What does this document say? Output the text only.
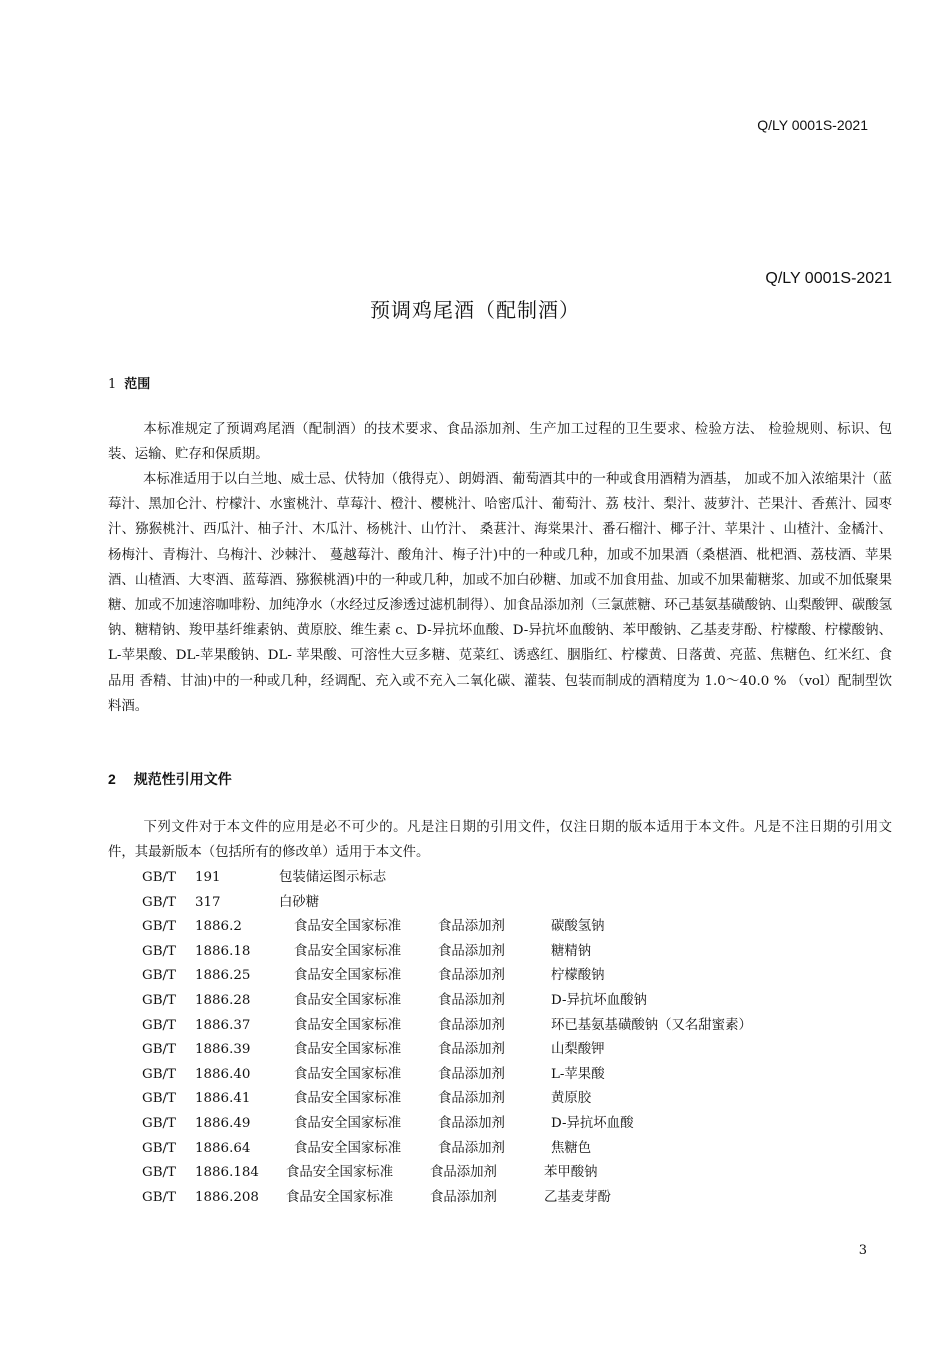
Q/LY 0001S-2021
Q/LY 0001S-2021
预调鸡尾酒（配制酒）
1 范围

本标准规定了预调鸡尾酒（配制酒）的技术要求、食品添加剂、生产加工过程的卫生要求、检验方法、 检验规则、标识、包装、运输、贮存和保质期。

本标准适用于以白兰地、威士忌、伏特加（俄得克）、朗姆酒、葡萄酒其中的一种或食用酒精为酒基， 加或不加入浓缩果汁（蓝莓汁、黑加仑汁、柠檬汁、水蜜桃汁、草莓汁、橙汁、樱桃汁、哈密瓜汁、葡萄汁、荔 枝汁、梨汁、菠萝汁、芒果汁、香蕉汁、园枣汁、猕猴桃汁、西瓜汁、柚子汁、木瓜汁、杨桃汁、山竹汁、 桑葚汁、海棠果汁、番石榴汁、椰子汁、苹果汁 、山楂汁、金橘汁、杨梅汁、青梅汁、乌梅汁、沙棘汁、 蔓越莓汁、酸角汁、梅子汁)中的一种或几种，加或不加果酒（桑椹酒、枇杷酒、荔枝酒、苹果酒、山楂酒、大枣酒、蓝莓酒、猕猴桃酒)中的一种或几种，加或不加白砂糖、加或不加食用盐、加或不加果葡糖浆、加或不加低聚果糖、加或不加速溶咖啡粉、加纯净水（水经过反渗透过滤机制得）、加食品添加剂（三氯蔗糖、环己基氨基磺酸钠、山梨酸钾、碳酸氢钠、糖精钠、羧甲基纤维素钠、黄原胶、维生素 c、D-异抗坏血酸、D-异抗坏血酸钠、苯甲酸钠、乙基麦芽酚、柠檬酸、柠檬酸钠、L-苹果酸、DL-苹果酸钠、DL- 苹果酸、可溶性大豆多糖、苋菜红、诱惑红、胭脂红、柠檬黄、日落黄、亮蓝、焦糖色、红米红、食品用 香精、甘油)中的一种或几种，经调配、充入或不充入二氧化碳、灌装、包装而制成的酒精度为 1.0～40.0 % （vol）配制型饮料酒。

2 规范性引用文件

下列文件对于本文件的应用是必不可少的。凡是注日期的引用文件，仅注日期的版本适用于本文件。凡是不注日期的引用文件，其最新版本（包括所有的修改单）适用于本文件。

GB/T 191	包装储运图示标志
GB/T 317	白砂糖
GB/T 1886.2	食品安全国家标准	食品添加剂	碳酸氢钠
GB/T 1886.18	食品安全国家标准	食品添加剂	糖精钠
GB/T 1886.25	食品安全国家标准	食品添加剂	柠檬酸钠
GB/T 1886.28	食品安全国家标准	食品添加剂	D-异抗坏血酸钠
GB/T 1886.37	食品安全国家标准	食品添加剂	环已基氨基磺酸钠（又名甜蜜素）
GB/T 1886.39	食品安全国家标准	食品添加剂	山梨酸钾
GB/T 1886.40	食品安全国家标准	食品添加剂	L-苹果酸
GB/T 1886.41	食品安全国家标准	食品添加剂	黄原胶
GB/T 1886.49	食品安全国家标准	食品添加剂	D-异抗坏血酸
GB/T 1886.64	食品安全国家标准	食品添加剂	焦糖色
GB/T 1886.184 食品安全国家标准	食品添加剂	苯甲酸钠
GB/T 1886.208 食品安全国家标准	食品添加剂	乙基麦芽酚
3
